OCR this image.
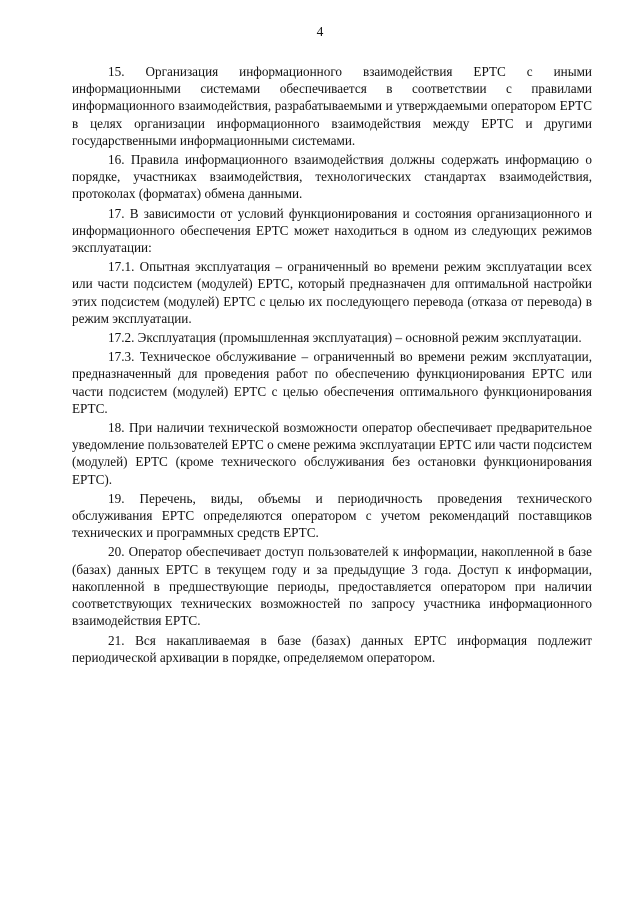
4

15. Организация информационного взаимодействия ЕРТС с иными информационными системами обеспечивается в соответствии с правилами информационного взаимодействия, разрабатываемыми и утверждаемыми оператором ЕРТС в целях организации информационного взаимодействия между ЕРТС и другими государственными информационными системами.

16. Правила информационного взаимодействия должны содержать информацию о порядке, участниках взаимодействия, технологических стандартах взаимодействия, протоколах (форматах) обмена данными.

17. В зависимости от условий функционирования и состояния организационного и информационного обеспечения ЕРТС может находиться в одном из следующих режимов эксплуатации:

17.1. Опытная эксплуатация – ограниченный во времени режим эксплуатации всех или части подсистем (модулей) ЕРТС, который предназначен для оптимальной настройки этих подсистем (модулей) ЕРТС с целью их последующего перевода (отказа от перевода) в режим эксплуатации.

17.2. Эксплуатация (промышленная эксплуатация) – основной режим эксплуатации.

17.3. Техническое обслуживание – ограниченный во времени режим эксплуатации, предназначенный для проведения работ по обеспечению функционирования ЕРТС или части подсистем (модулей) ЕРТС с целью обеспечения оптимального функционирования ЕРТС.

18. При наличии технической возможности оператор обеспечивает предварительное уведомление пользователей ЕРТС о смене режима эксплуатации ЕРТС или части подсистем (модулей) ЕРТС (кроме технического обслуживания без остановки функционирования ЕРТС).

19. Перечень, виды, объемы и периодичность проведения технического обслуживания ЕРТС определяются оператором с учетом рекомендаций поставщиков технических и программных средств ЕРТС.

20. Оператор обеспечивает доступ пользователей к информации, накопленной в базе (базах) данных ЕРТС в текущем году и за предыдущие 3 года. Доступ к информации, накопленной в предшествующие периоды, предоставляется оператором при наличии соответствующих технических возможностей по запросу участника информационного взаимодействия ЕРТС.

21. Вся накапливаемая в базе (базах) данных ЕРТС информация подлежит периодической архивации в порядке, определяемом оператором.
